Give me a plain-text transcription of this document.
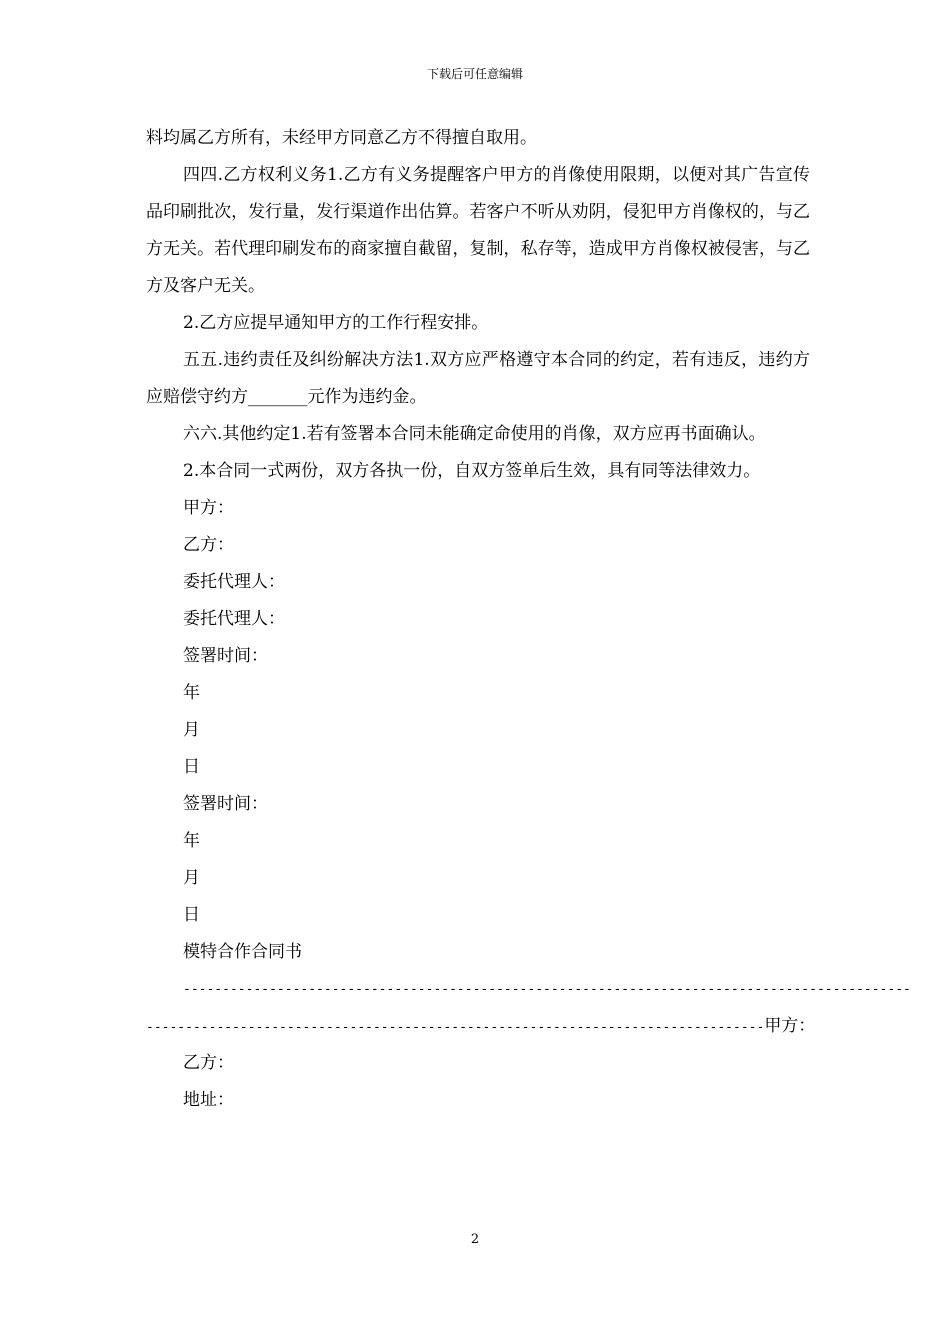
下载后可任意编辑

料均属乙方所有，未经甲方同意乙方不得擅自取用。

四四.乙方权利义务1.乙方有义务提醒客户甲方的肖像使用限期，以便对其广告宣传品印刷批次，发行量，发行渠道作出估算。若客户不听从劝阴，侵犯甲方肖像权的，与乙方无关。若代理印刷发布的商家擅自截留，复制，私存等，造成甲方肖像权被侵害，与乙方及客户无关。

2.乙方应提早通知甲方的工作行程安排。

五五.违约责任及纠纷解决方法1.双方应严格遵守本合同的约定，若有违反，违约方应赔偿守约方_______元作为违约金。

六六.其他约定1.若有签署本合同未能确定命使用的肖像，双方应再书面确认。

2.本合同一式两份，双方各执一份，自双方签单后生效，具有同等法律效力。

甲方：

乙方：

委托代理人：

委托代理人：

签署时间：

年

月

日

签署时间：

年

月

日

模特合作合同书

---------------------------------------------------------------------------------------------
-------------------------------------------------------------------------------甲方：

乙方：

地址：

2
